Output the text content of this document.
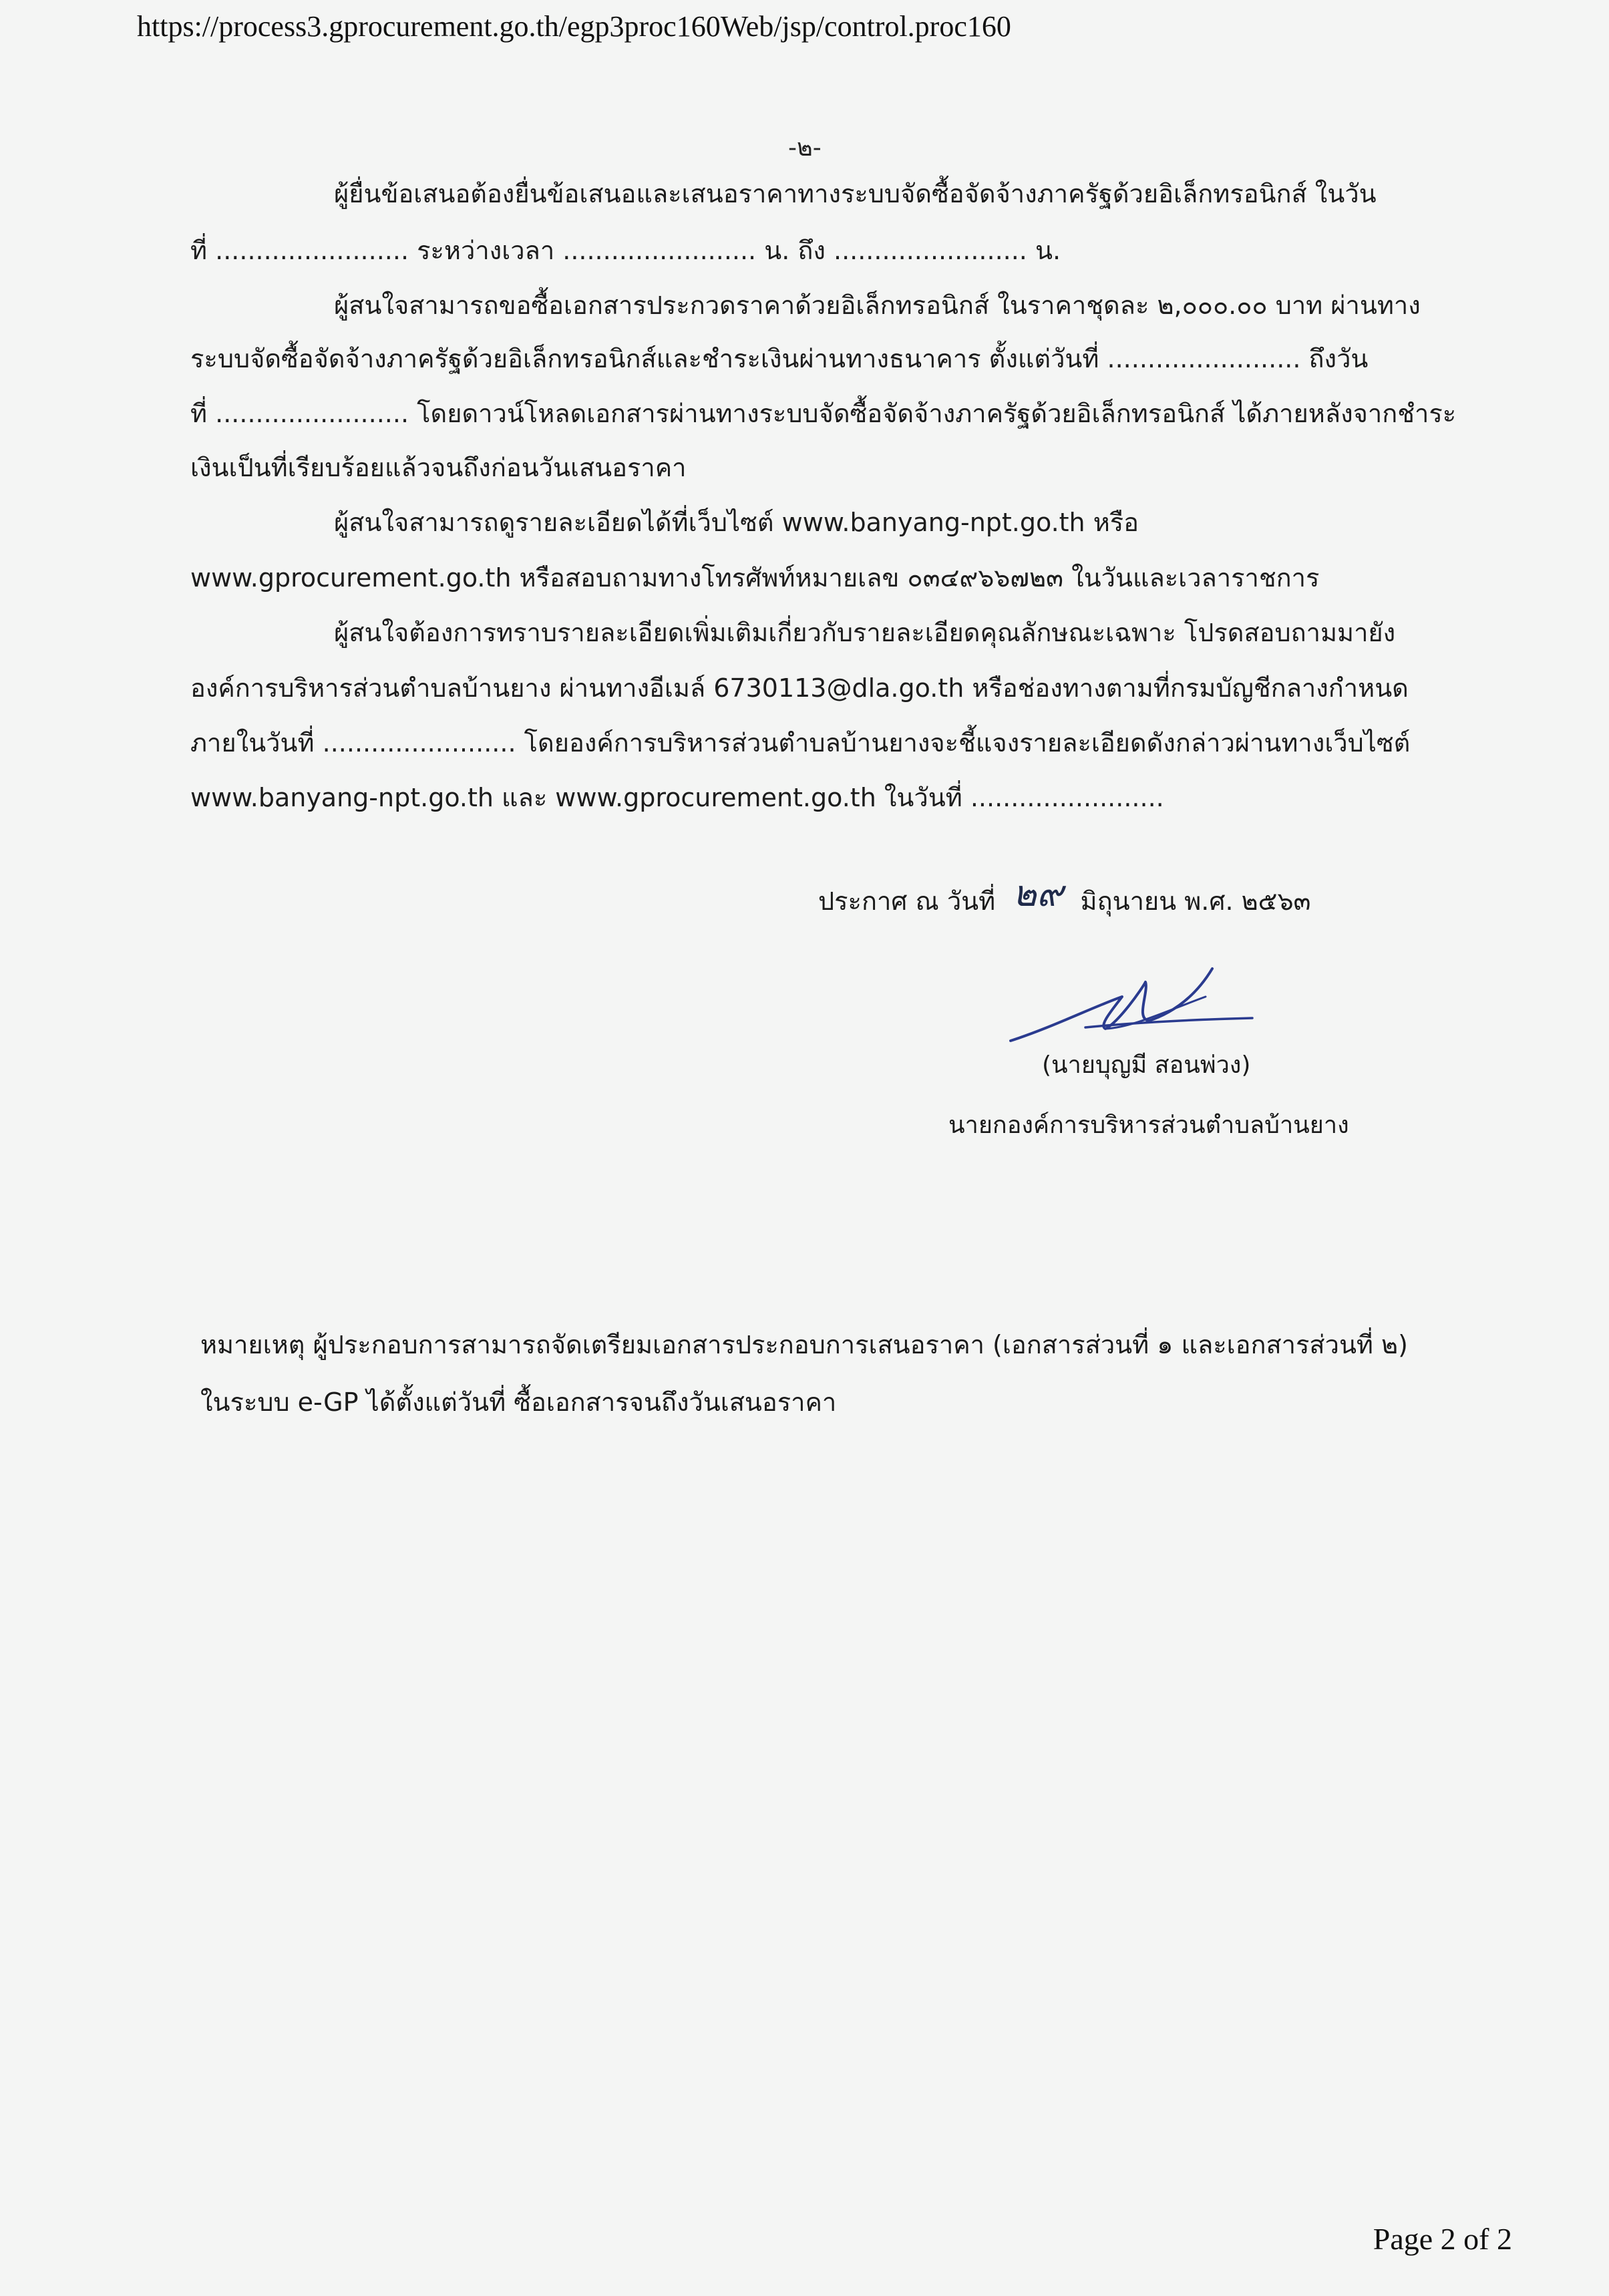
https://process3.gprocurement.go.th/egp3proc160Web/jsp/control.proc160
-๒-
ผู้ยื่นข้อเสนอต้องยื่นข้อเสนอและเสนอราคาทางระบบจัดซื้อจัดจ้างภาครัฐด้วยอิเล็กทรอนิกส์ ในวัน
ที่ ........................ ระหว่างเวลา ........................ น. ถึง ........................ น.
ผู้สนใจสามารถขอซื้อเอกสารประกวดราคาด้วยอิเล็กทรอนิกส์ ในราคาชุดละ ๒,๐๐๐.๐๐ บาท ผ่านทาง
ระบบจัดซื้อจัดจ้างภาครัฐด้วยอิเล็กทรอนิกส์และชำระเงินผ่านทางธนาคาร ตั้งแต่วันที่ ........................ ถึงวัน
ที่ ........................ โดยดาวน์โหลดเอกสารผ่านทางระบบจัดซื้อจัดจ้างภาครัฐด้วยอิเล็กทรอนิกส์ ได้ภายหลังจากชำระ
เงินเป็นที่เรียบร้อยแล้วจนถึงก่อนวันเสนอราคา
ผู้สนใจสามารถดูรายละเอียดได้ที่เว็บไซต์ www.banyang-npt.go.th หรือ
www.gprocurement.go.th หรือสอบถามทางโทรศัพท์หมายเลข ๐๓๔๙๖๖๗๒๓ ในวันและเวลาราชการ
ผู้สนใจต้องการทราบรายละเอียดเพิ่มเติมเกี่ยวกับรายละเอียดคุณลักษณะเฉพาะ โปรดสอบถามมายัง
องค์การบริหารส่วนตำบลบ้านยาง ผ่านทางอีเมล์ 6730113@dla.go.th หรือช่องทางตามที่กรมบัญชีกลางกำหนด
ภายในวันที่ ........................ โดยองค์การบริหารส่วนตำบลบ้านยางจะชี้แจงรายละเอียดดังกล่าวผ่านทางเว็บไซต์
www.banyang-npt.go.th และ www.gprocurement.go.th ในวันที่ ........................
ประกาศ ณ วันที่ ๒๙ มิถุนายน พ.ศ. ๒๕๖๓
(นายบุญมี สอนพ่วง)
นายกองค์การบริหารส่วนตำบลบ้านยาง
หมายเหตุ ผู้ประกอบการสามารถจัดเตรียมเอกสารประกอบการเสนอราคา (เอกสารส่วนที่ ๑ และเอกสารส่วนที่ ๒)
ในระบบ e-GP ได้ตั้งแต่วันที่ ซื้อเอกสารจนถึงวันเสนอราคา
Page 2 of 2
